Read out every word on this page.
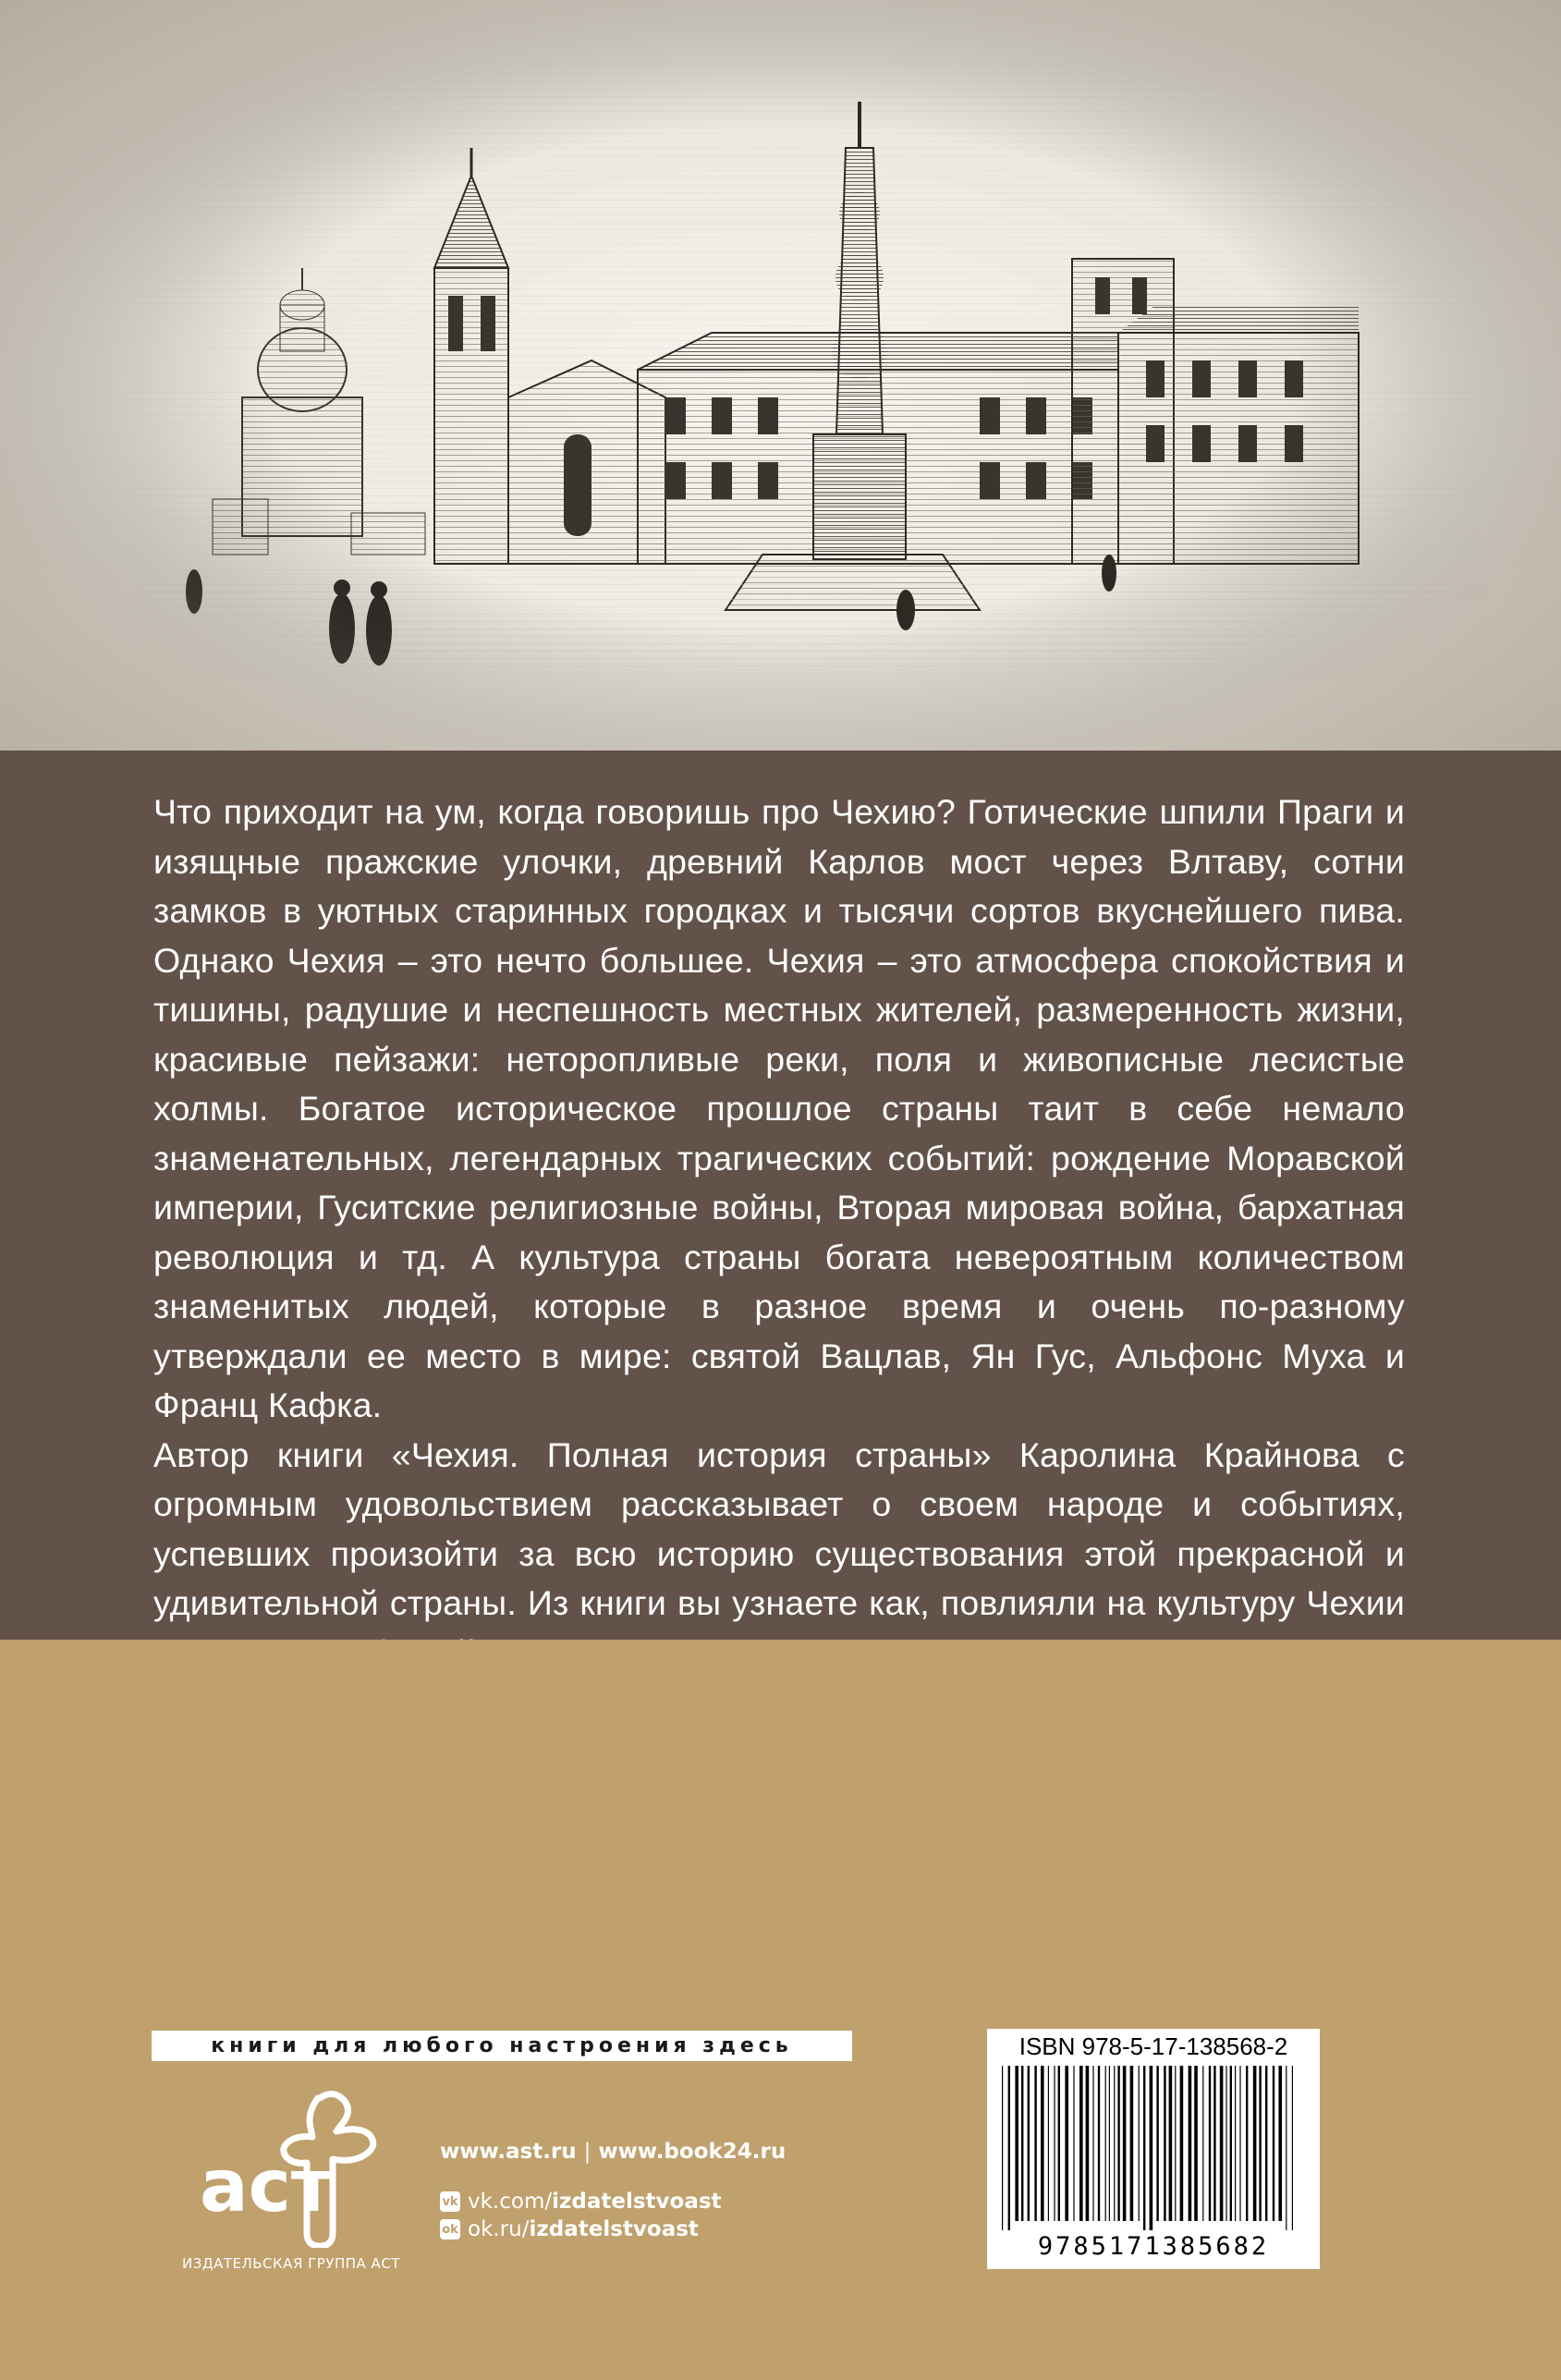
Что приходит на ум, когда говоришь про Чехию? Готические шпили Праги и изящные пражские улочки, древний Карлов мост через Влтаву, сотни замков в уютных старинных городках и тысячи сортов вкуснейшего пива. Однако Чехия – это нечто большее. Чехия – это атмосфера спокойствия и тишины, радушие и неспешность местных жителей, размеренность жизни, красивые пейзажи: неторопливые реки, поля и живописные лесистые холмы. Богатое историческое прошлое страны таит в себе немало знаменательных, легендарных трагических событий: рождение Моравской империи, Гуситские религиозные войны, Вторая мировая война, бархатная революция и тд. А культура страны богата невероятным количеством знаменитых людей, которые в разное время и очень по-разному утверждали ее место в мире: святой Вацлав, Ян Гус, Альфонс Муха и Франц Кафка.

Автор книги «Чехия. Полная история страны» Каролина Крайнова с огромным удовольствием рассказывает о своем народе и событиях, успевших произойти за всю историю существования этой прекрасной и удивительной страны. Из книги вы узнаете как, повлияли на культуру Чехии

книги для любого настроения здесь
аст
ИЗДАТЕЛЬСКАЯ ГРУППА АСТ
www.ast.ru | www.book24.ru
vk vk.com/ izdatelstvoast
ok ok.ru/ izdatelstvoast
ISBN 978-5-17-138568-2
9785171385682
